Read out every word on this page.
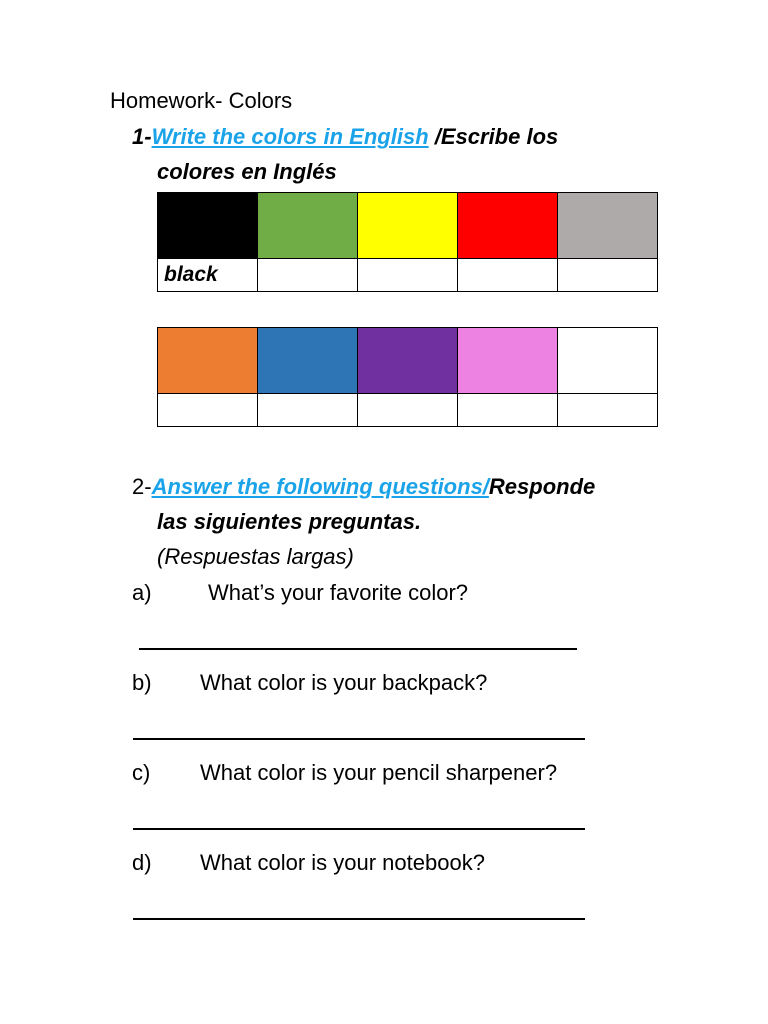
Homework- Colors
1-Write the colors in English /Escribe los
colores en Inglés

black				

2-Answer the following questions/Responde
las siguientes preguntas.
(Respuestas largas)
a)	What’s your favorite color?
b) What color is your backpack?
c) What color is your pencil sharpener?
d) What color is your notebook?
